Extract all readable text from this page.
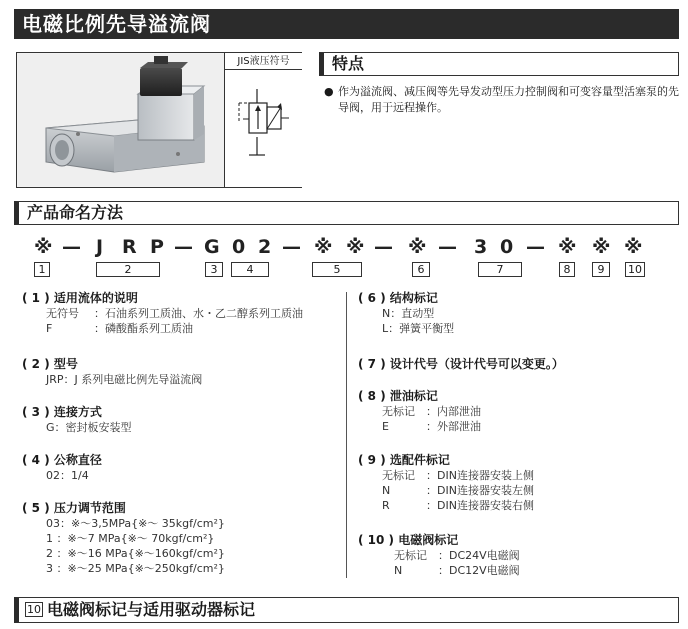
电磁比例先导溢流阀
JIS液压符号	特点
● 作为溢流阀、减压阀等先导发动型压力控制阀和可变容量型活塞泵的先导阀，用于远程操作。
产品命名方法
※ — J R P — G 0 2 — ※ ※ — ※ — 3 0 — ※ ※ ※
1	2	3	4	5	6	7	8	9	10
( 1 ) 适用流体的说明
无符号 ：石油系列工质油、水・乙二醇系列工质油
F	：磷酸酯系列工质油
( 2 ) 型号
JRP：J 系列电磁比例先导溢流阀
( 3 ) 连接方式
G：密封板安装型
( 4 ) 公称直径
02：1/4
( 5 ) 压力调节范围
03：※～3,5MPa{※～ 35kgf/cm²}
1 ：※～7 MPa{※～ 70kgf/cm²}
2 ：※～16 MPa{※～160kgf/cm²}
3 ：※～25 MPa{※～250kgf/cm²}
( 6 ) 结构标记
N：直动型
L：弹簧平衡型
( 7 ) 设计代号（设计代号可以变更。）
( 8 ) 泄油标记
无标记 ：内部泄油
E	：外部泄油
( 9 ) 选配件标记
无标记 ：DIN连接器安装上侧
N	：DIN连接器安装左侧
R	：DIN连接器安装右侧
( 10 ) 电磁阀标记
无标记 ：DC24V电磁阀
N	：DC12V电磁阀
10 电磁阀标记与适用驱动器标记
